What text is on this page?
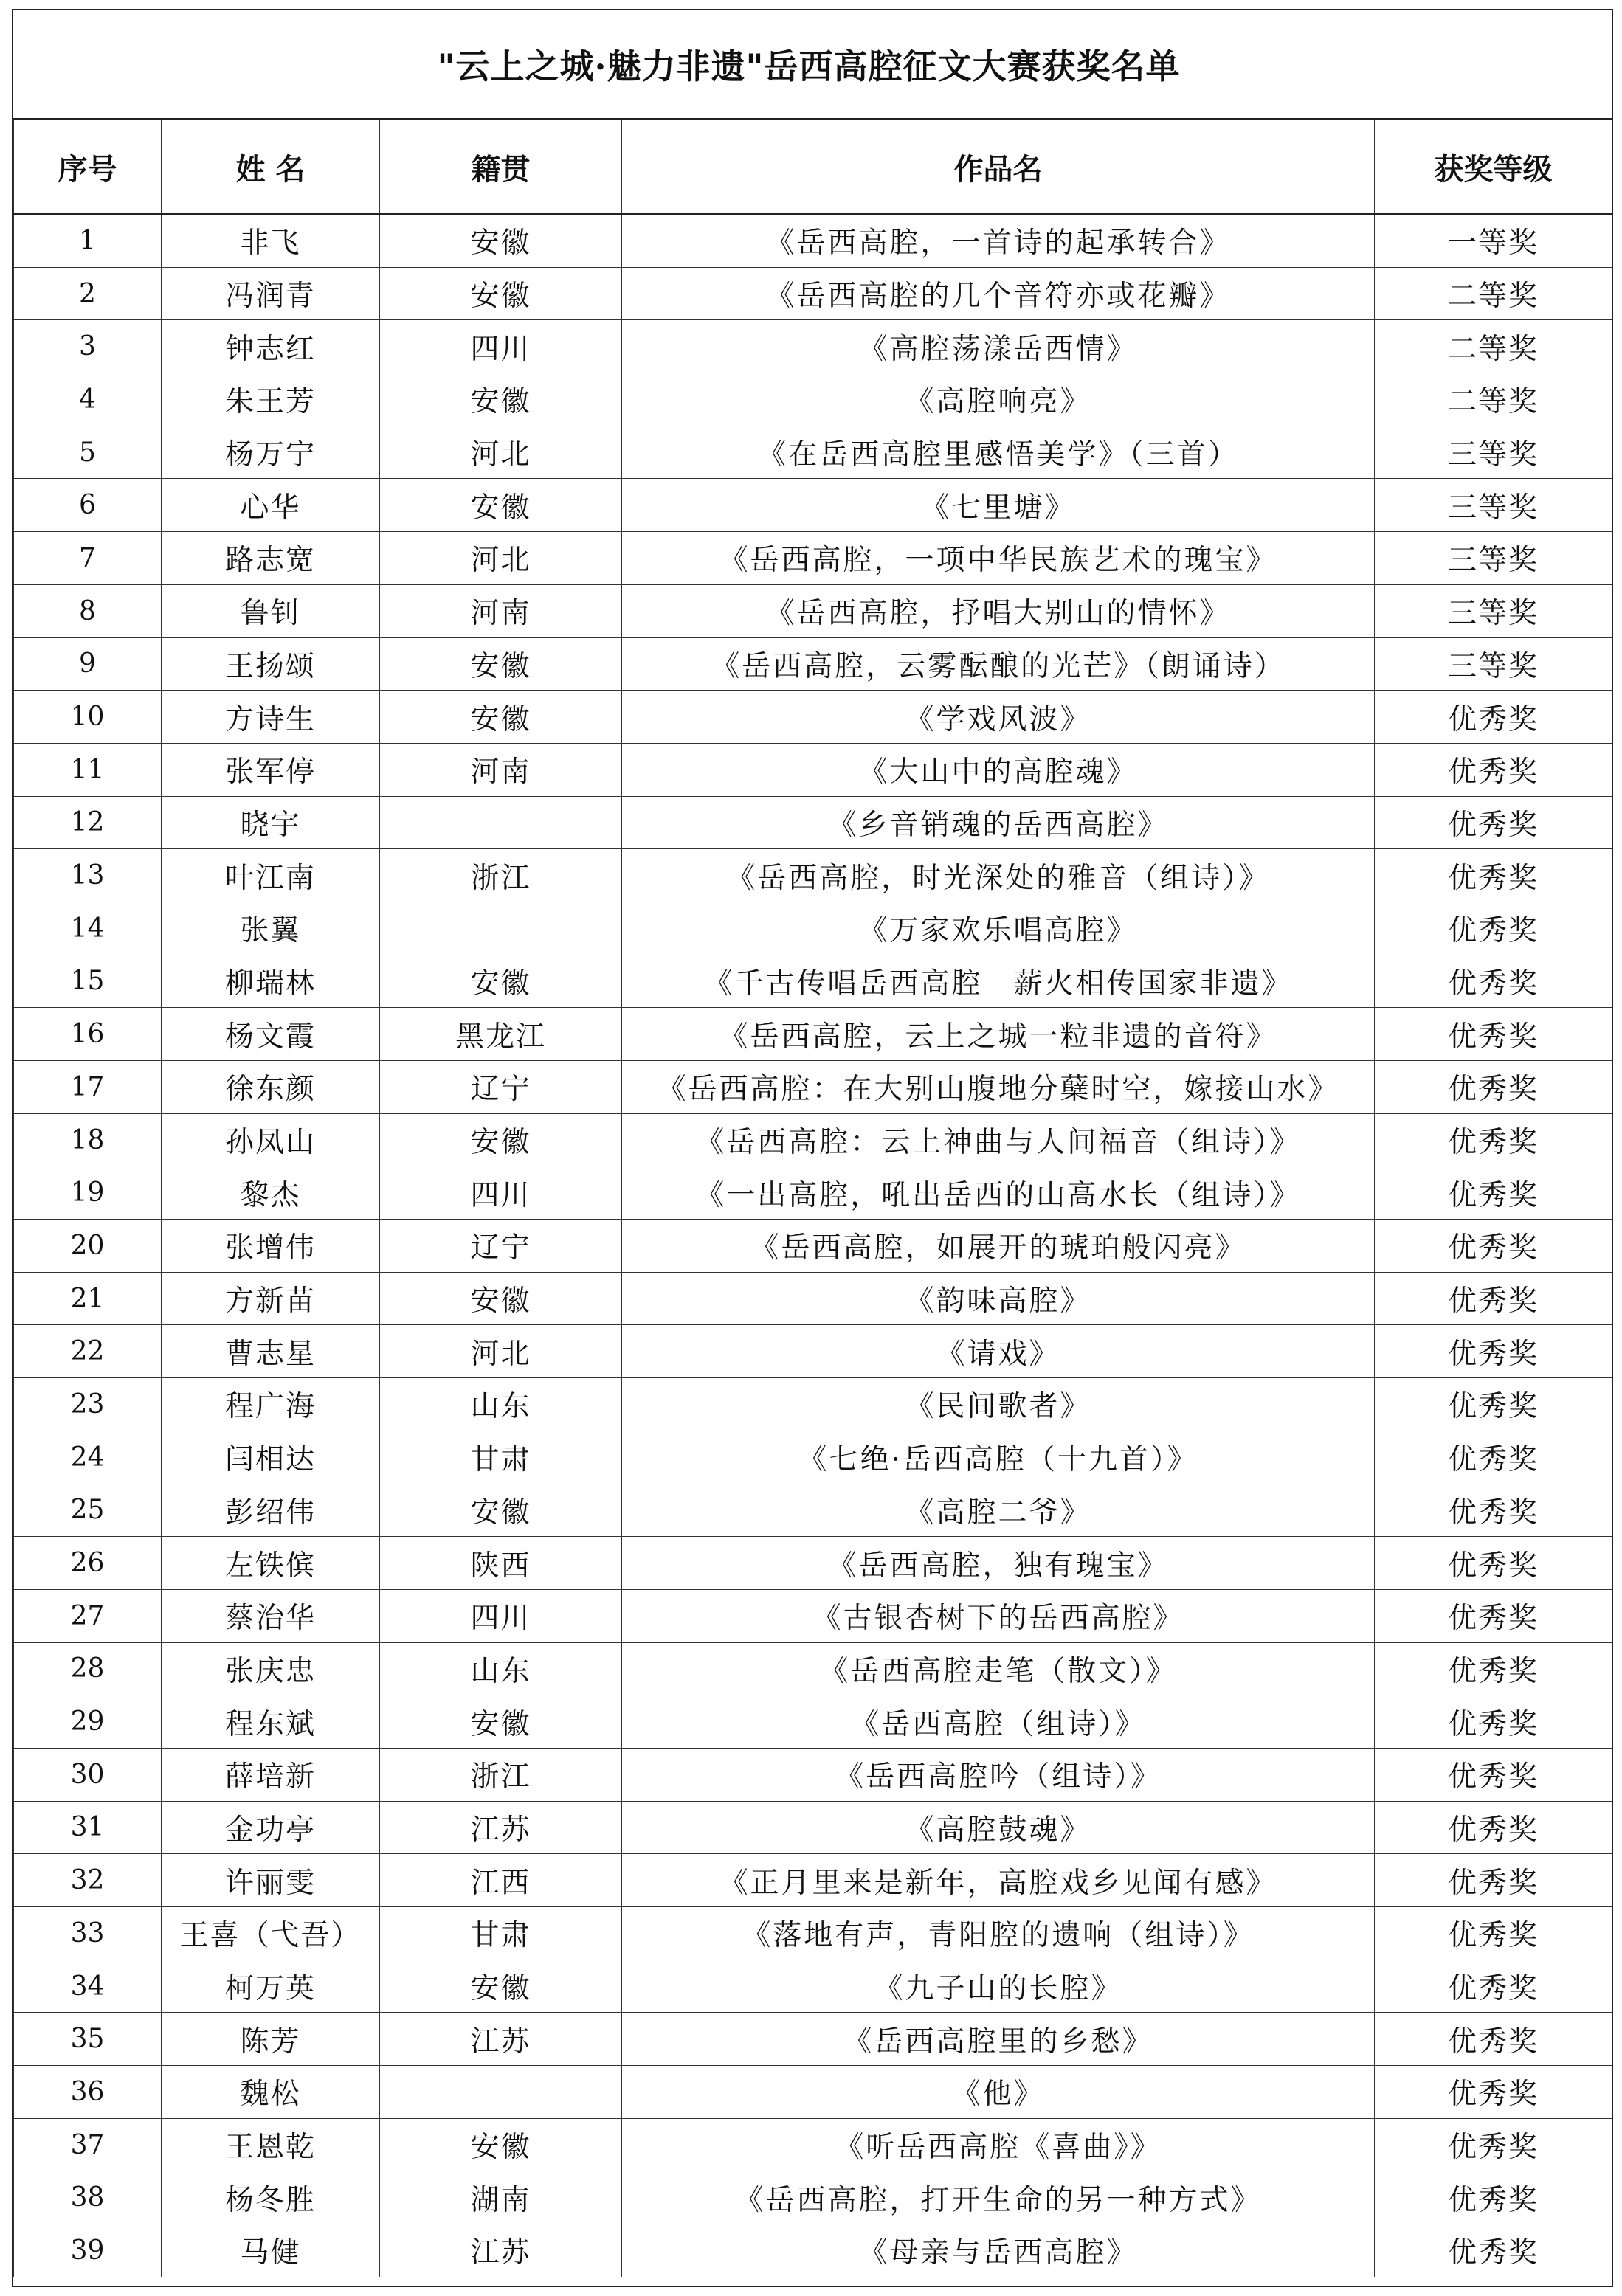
"云上之城·魅力非遗"岳西高腔征文大赛获奖名单
序号	姓 名	籍贯	作品名	获奖等级
1	非飞	安徽	《岳西高腔，一首诗的起承转合》	一等奖
2	冯润青	安徽	《岳西高腔的几个音符亦或花瓣》	二等奖
3	钟志红	四川	《高腔荡漾岳西情》	二等奖
4	朱王芳	安徽	《高腔响亮》	二等奖
5	杨万宁	河北	《在岳西高腔里感悟美学》（三首）	三等奖
6	心华	安徽	《七里塘》	三等奖
7	路志宽	河北	《岳西高腔，一项中华民族艺术的瑰宝》	三等奖
8	鲁钊	河南	《岳西高腔，抒唱大别山的情怀》	三等奖
9	王扬颂	安徽	《岳西高腔，云雾酝酿的光芒》（朗诵诗）	三等奖
10	方诗生	安徽	《学戏风波》	优秀奖
11	张军停	河南	《大山中的高腔魂》	优秀奖
12	晓宇		《乡音销魂的岳西高腔》	优秀奖
13	叶江南	浙江	《岳西高腔，时光深处的雅音（组诗）》	优秀奖
14	张翼		《万家欢乐唱高腔》	优秀奖
15	柳瑞林	安徽	《千古传唱岳西高腔　薪火相传国家非遗》	优秀奖
16	杨文霞	黑龙江	《岳西高腔，云上之城一粒非遗的音符》	优秀奖
17	徐东颜	辽宁	《岳西高腔：在大别山腹地分蘖时空，嫁接山水》	优秀奖
18	孙凤山	安徽	《岳西高腔：云上神曲与人间福音（组诗）》	优秀奖
19	黎杰	四川	《一出高腔，吼出岳西的山高水长（组诗）》	优秀奖
20	张增伟	辽宁	《岳西高腔，如展开的琥珀般闪亮》	优秀奖
21	方新苗	安徽	《韵味高腔》	优秀奖
22	曹志星	河北	《请戏》	优秀奖
23	程广海	山东	《民间歌者》	优秀奖
24	闫相达	甘肃	《七绝·岳西高腔（十九首）》	优秀奖
25	彭绍伟	安徽	《高腔二爷》	优秀奖
26	左铁傧	陕西	《岳西高腔，独有瑰宝》	优秀奖
27	蔡治华	四川	《古银杏树下的岳西高腔》	优秀奖
28	张庆忠	山东	《岳西高腔走笔（散文）》	优秀奖
29	程东斌	安徽	《岳西高腔（组诗）》	优秀奖
30	薛培新	浙江	《岳西高腔吟（组诗）》	优秀奖
31	金功亭	江苏	《高腔鼓魂》	优秀奖
32	许丽雯	江西	《正月里来是新年，高腔戏乡见闻有感》	优秀奖
33	王喜（弋吾）	甘肃	《落地有声，青阳腔的遗响（组诗）》	优秀奖
34	柯万英	安徽	《九子山的长腔》	优秀奖
35	陈芳	江苏	《岳西高腔里的乡愁》	优秀奖
36	魏松		《他》	优秀奖
37	王恩乾	安徽	《听岳西高腔《喜曲》》	优秀奖
38	杨冬胜	湖南	《岳西高腔，打开生命的另一种方式》	优秀奖
39	马健	江苏	《母亲与岳西高腔》	优秀奖
